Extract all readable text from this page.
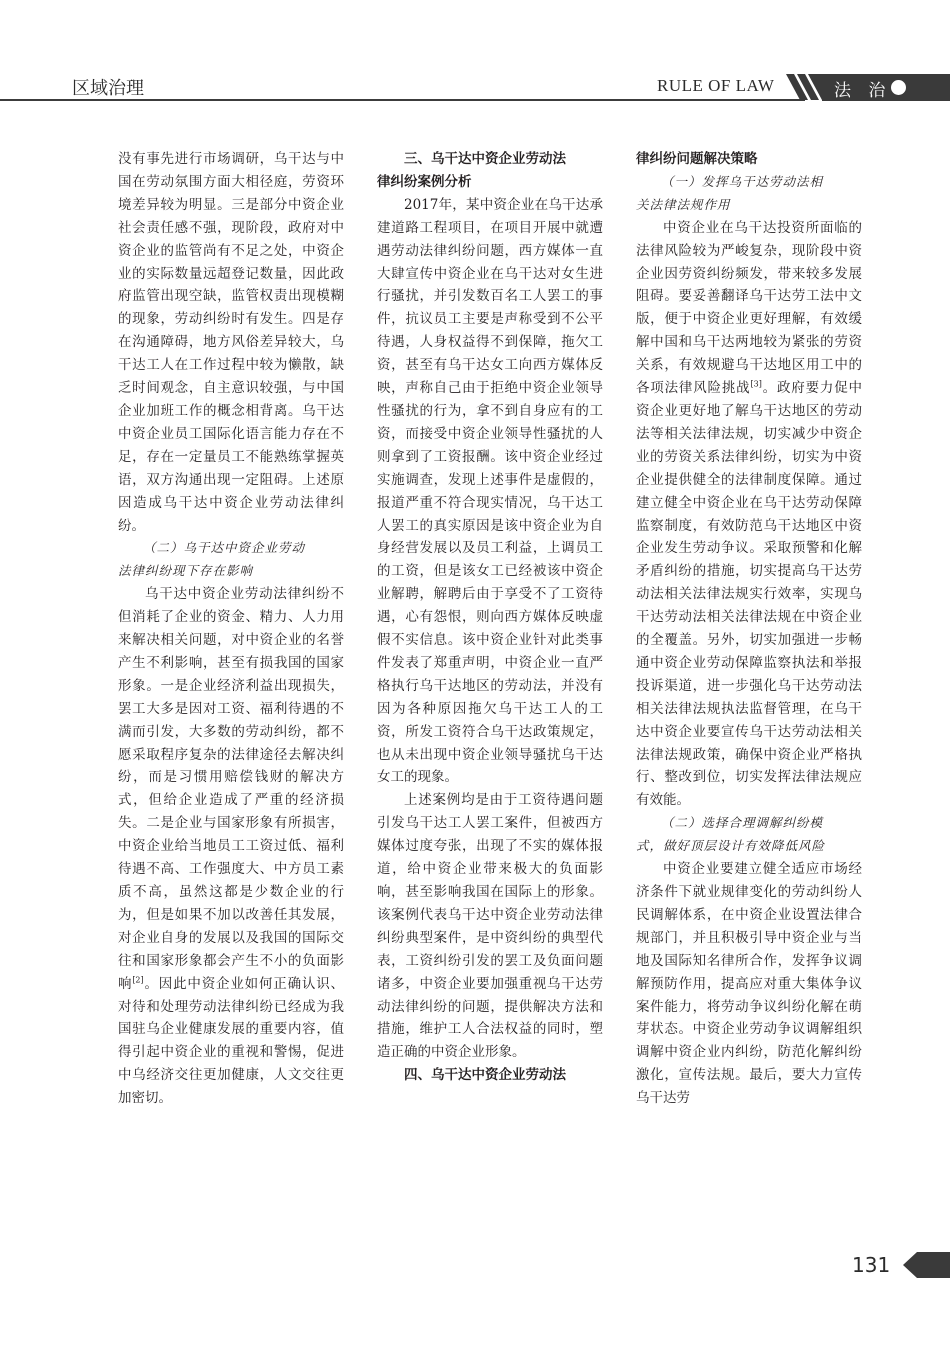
区域治理	RULE OF LAW	法 治

没有事先进行市场调研，乌干达与中国在劳动氛围方面大相径庭，劳资环境差异较为明显。三是部分中资企业社会责任感不强，现阶段，政府对中资企业的监管尚有不足之处，中资企业的实际数量远超登记数量，因此政府监管出现空缺，监管权责出现模糊的现象，劳动纠纷时有发生。四是存在沟通障碍，地方风俗差异较大，乌干达工人在工作过程中较为懒散，缺乏时间观念，自主意识较强，与中国企业加班工作的概念相背离。乌干达中资企业员工国际化语言能力存在不足，存在一定量员工不能熟练掌握英语，双方沟通出现一定阻碍。上述原因造成乌干达中资企业劳动法律纠纷。

（二）乌干达中资企业劳动
法律纠纷现下存在影响

乌干达中资企业劳动法律纠纷不但消耗了企业的资金、精力、人力用来解决相关问题，对中资企业的名誉产生不利影响，甚至有损我国的国家形象。一是企业经济利益出现损失，罢工大多是因对工资、福利待遇的不满而引发，大多数的劳动纠纷，都不愿采取程序复杂的法律途径去解决纠纷，而是习惯用赔偿钱财的解决方式，但给企业造成了严重的经济损失。二是企业与国家形象有所损害，中资企业给当地员工工资过低、福利待遇不高、工作强度大、中方员工素质不高，虽然这都是少数企业的行为，但是如果不加以改善任其发展，对企业自身的发展以及我国的国际交往和国家形象都会产生不小的负面影响[2]。因此中资企业如何正确认识、对待和处理劳动法律纠纷已经成为我国驻乌企业健康发展的重要内容，值得引起中资企业的重视和警惕，促进中乌经济交往更加健康，人文交往更加密切。

三、乌干达中资企业劳动法
律纠纷案例分析

2017年，某中资企业在乌干达承建道路工程项目，在项目开展中就遭遇劳动法律纠纷问题，西方媒体一直大肆宣传中资企业在乌干达对女生进行骚扰，并引发数百名工人罢工的事件，抗议员工主要是声称受到不公平待遇，人身权益得不到保障，拖欠工资，甚至有乌干达女工向西方媒体反映，声称自己由于拒绝中资企业领导性骚扰的行为，拿不到自身应有的工资，而接受中资企业领导性骚扰的人则拿到了工资报酬。该中资企业经过实施调查，发现上述事件是虚假的，报道严重不符合现实情况，乌干达工人罢工的真实原因是该中资企业为自身经营发展以及员工利益，上调员工的工资，但是该女工已经被该中资企业解聘，解聘后由于享受不了工资待遇，心有怨恨，则向西方媒体反映虚假不实信息。该中资企业针对此类事件发表了郑重声明，中资企业一直严格执行乌干达地区的劳动法，并没有因为各种原因拖欠乌干达工人的工资，所发工资符合乌干达政策规定，也从未出现中资企业领导骚扰乌干达女工的现象。

上述案例均是由于工资待遇问题引发乌干达工人罢工案件，但被西方媒体过度夸张，出现了不实的媒体报道，给中资企业带来极大的负面影响，甚至影响我国在国际上的形象。该案例代表乌干达中资企业劳动法律纠纷典型案件，是中资纠纷的典型代表，工资纠纷引发的罢工及负面问题诸多，中资企业要加强重视乌干达劳动法律纠纷的问题，提供解决方法和措施，维护工人合法权益的同时，塑造正确的中资企业形象。

四、乌干达中资企业劳动法
律纠纷问题解决策略
（一）发挥乌干达劳动法相
关法律法规作用

中资企业在乌干达投资所面临的法律风险较为严峻复杂，现阶段中资企业因劳资纠纷频发，带来较多发展阻碍。要妥善翻译乌干达劳工法中文版，便于中资企业更好理解，有效缓解中国和乌干达两地较为紧张的劳资关系，有效规避乌干达地区用工中的各项法律风险挑战[3]。政府要力促中资企业更好地了解乌干达地区的劳动法等相关法律法规，切实减少中资企业的劳资关系法律纠纷，切实为中资企业提供健全的法律制度保障。通过建立健全中资企业在乌干达劳动保障监察制度，有效防范乌干达地区中资企业发生劳动争议。采取预警和化解矛盾纠纷的措施，切实提高乌干达劳动法相关法律法规实行效率，实现乌干达劳动法相关法律法规在中资企业的全覆盖。另外，切实加强进一步畅通中资企业劳动保障监察执法和举报投诉渠道，进一步强化乌干达劳动法相关法律法规执法监督管理，在乌干达中资企业要宣传乌干达劳动法相关法律法规政策，确保中资企业严格执行、整改到位，切实发挥法律法规应有效能。

（二）选择合理调解纠纷模
式，做好顶层设计有效降低风险

中资企业要建立健全适应市场经济条件下就业规律变化的劳动纠纷人民调解体系，在中资企业设置法律合规部门，并且积极引导中资企业与当地及国际知名律所合作，发挥争议调解预防作用，提高应对重大集体争议案件能力，将劳动争议纠纷化解在萌芽状态。中资企业劳动争议调解组织调解中资企业内纠纷，防范化解纠纷激化，宣传法规。最后，要大力宣传乌干达劳

131
